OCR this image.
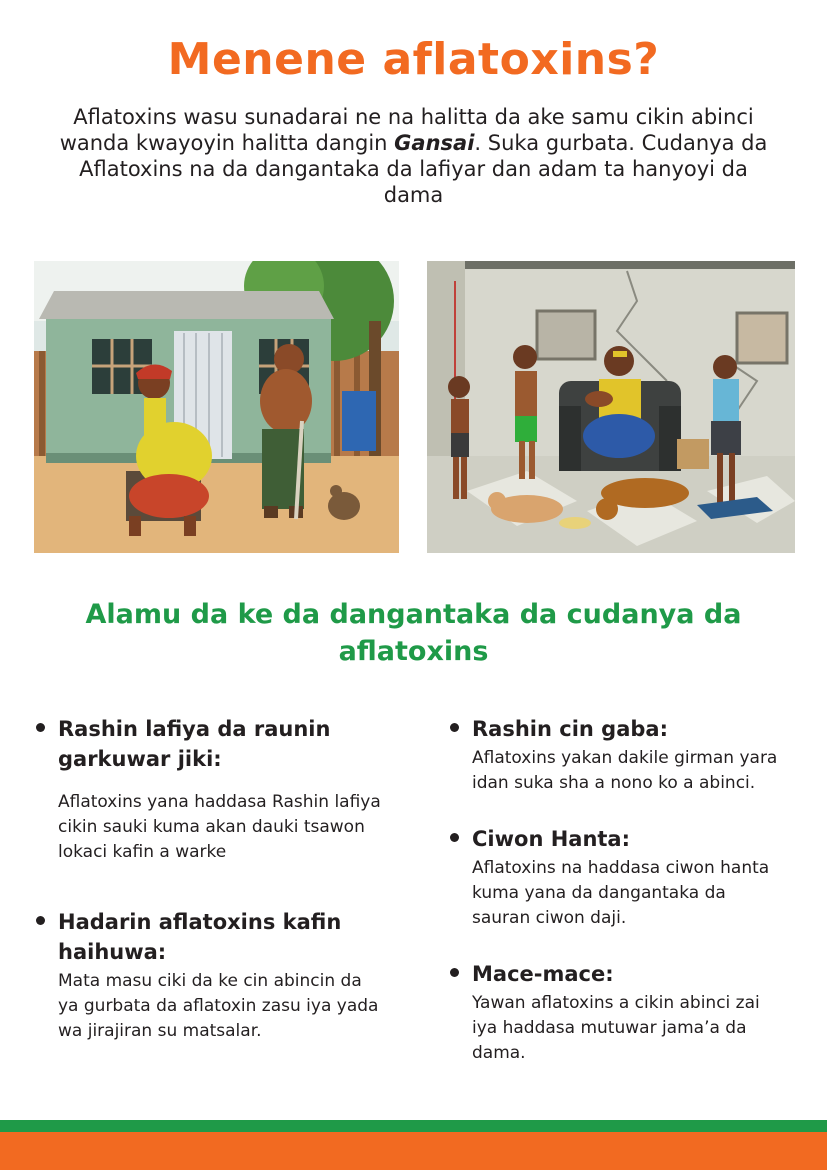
Menene aflatoxins?
Aflatoxins wasu sunadarai ne na halitta da ake samu cikin abinci wanda kwayoyin halitta dangin Gansai. Suka gurbata. Cudanya da Aflatoxins na da dangantaka da lafiyar dan adam ta hanyoyi da dama
Alamu da ke da dangantaka da cudanya da aflatoxins
Rashin lafiya da raunin garkuwar jiki:
Aflatoxins yana haddasa Rashin lafiya cikin sauki kuma akan dauki tsawon lokaci kafin a warke
Hadarin aflatoxins kafin haihuwa:
Mata masu ciki da ke cin abincin da ya gurbata da aflatoxin zasu iya yada wa jirajiran su matsalar.
Rashin cin gaba:
Aflatoxins yakan dakile girman yara idan suka sha a nono ko a abinci.
Ciwon Hanta:
Aflatoxins na haddasa ciwon hanta kuma yana da dangantaka da sauran ciwon daji.
Mace-mace:
Yawan aflatoxins a cikin abinci zai iya haddasa mutuwar jama’a da dama.
